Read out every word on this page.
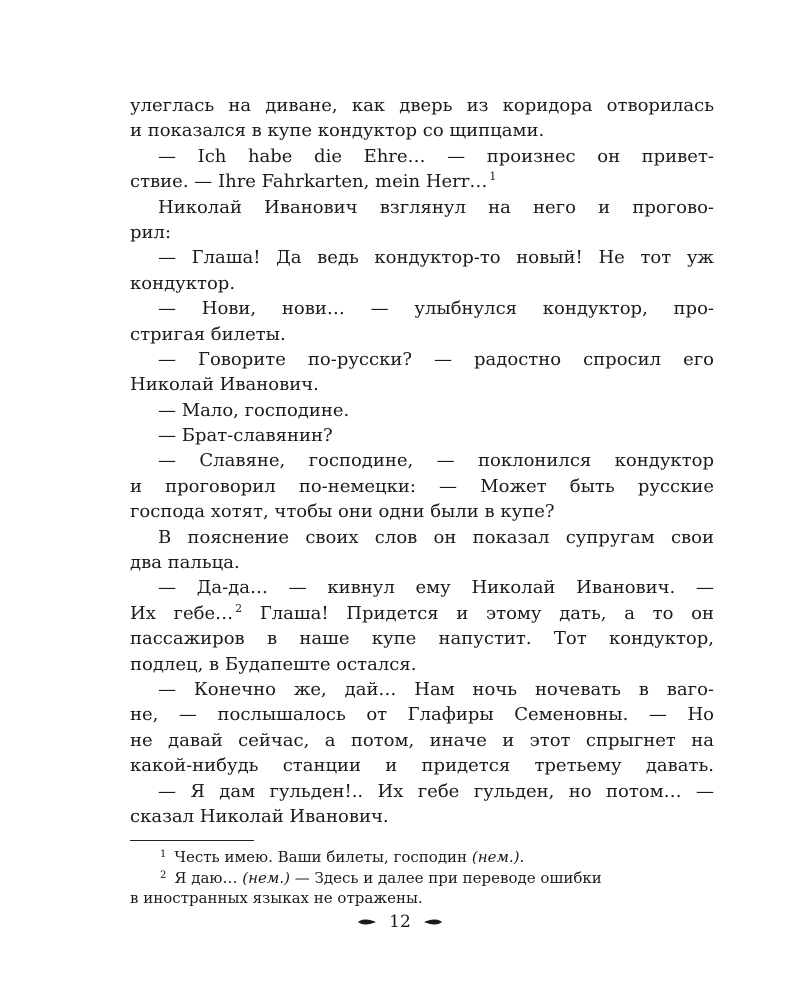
улеглась на диване, как дверь из коридора отворилась
и показался в купе кондуктор со щипцами.
— Ich habe die Ehre… — произнес он привет-
ствие. — Ihre Fahrkarten, mein Herr… $^1$
Николай Иванович взглянул на него и прогово-
рил:
— Глаша! Да ведь кондуктор-то новый! Не тот уж
кондуктор.
— Нови, нови… — улыбнулся кондуктор, про-
стригая билеты.
— Говорите по-русски? — радостно спросил его
Николай Иванович.
— Мало, господине.
— Брат-славянин?
— Славяне, господине, — поклонился кондуктор
и проговорил по-немецки: — Может быть русские
господа хотят, чтобы они одни были в купе?
В пояснение своих слов он показал супругам свои
два пальца.
— Да-да… — кивнул ему Николай Иванович. —
Их гебе… $^2$ Глаша! Придется и этому дать, а то он
пассажиров в наше купе напустит. Тот кондуктор,
подлец, в Будапеште остался.
— Конечно же, дай… Нам ночь ночевать в ваго-
не, — послышалось от Глафиры Семеновны. — Но
не давай сейчас, а потом, иначе и этот спрыгнет на
какой-нибудь станции и придется третьему давать.
— Я дам гульден!.. Их гебе гульден, но потом… —
сказал Николай Иванович.
$^1$ Честь имею. Ваши билеты, господин (нем.).
$^2$ Я даю… (нем.) — Здесь и далее при переводе ошибки
в иностранных языках не отражены.
12
